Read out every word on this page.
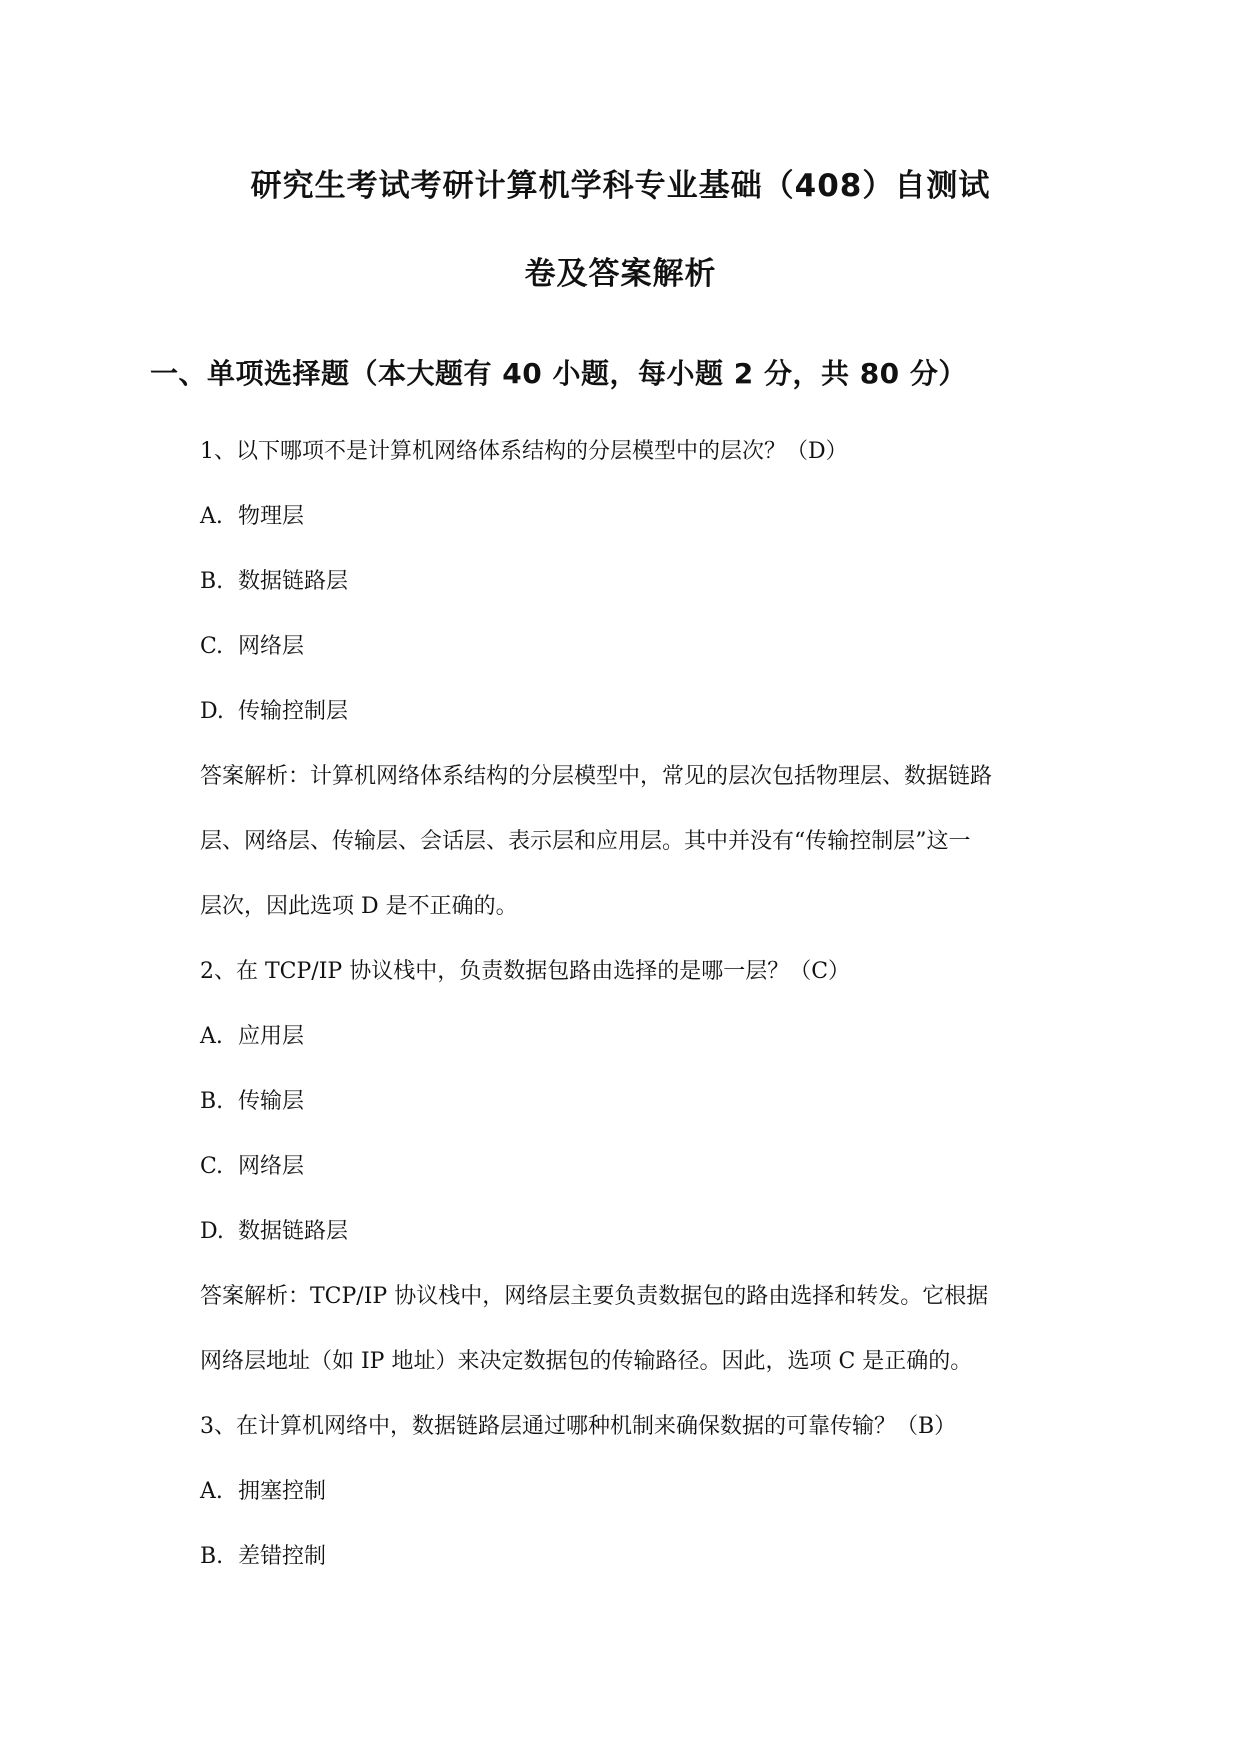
研究生考试考研计算机学科专业基础（408）自测试
卷及答案解析
一、单项选择题（本大题有 40 小题，每小题 2 分，共 80 分）
1、以下哪项不是计算机网络体系结构的分层模型中的层次？（D）
A. 物理层
B. 数据链路层
C. 网络层
D. 传输控制层
答案解析：计算机网络体系结构的分层模型中，常见的层次包括物理层、数据链路
层、网络层、传输层、会话层、表示层和应用层。其中并没有“传输控制层”这一
层次，因此选项 D 是不正确的。
2、在 TCP/IP 协议栈中，负责数据包路由选择的是哪一层？（C）
A. 应用层
B. 传输层
C. 网络层
D. 数据链路层
答案解析：TCP/IP 协议栈中，网络层主要负责数据包的路由选择和转发。它根据
网络层地址（如 IP 地址）来决定数据包的传输路径。因此，选项 C 是正确的。
3、在计算机网络中，数据链路层通过哪种机制来确保数据的可靠传输？（B）
A. 拥塞控制
B. 差错控制
